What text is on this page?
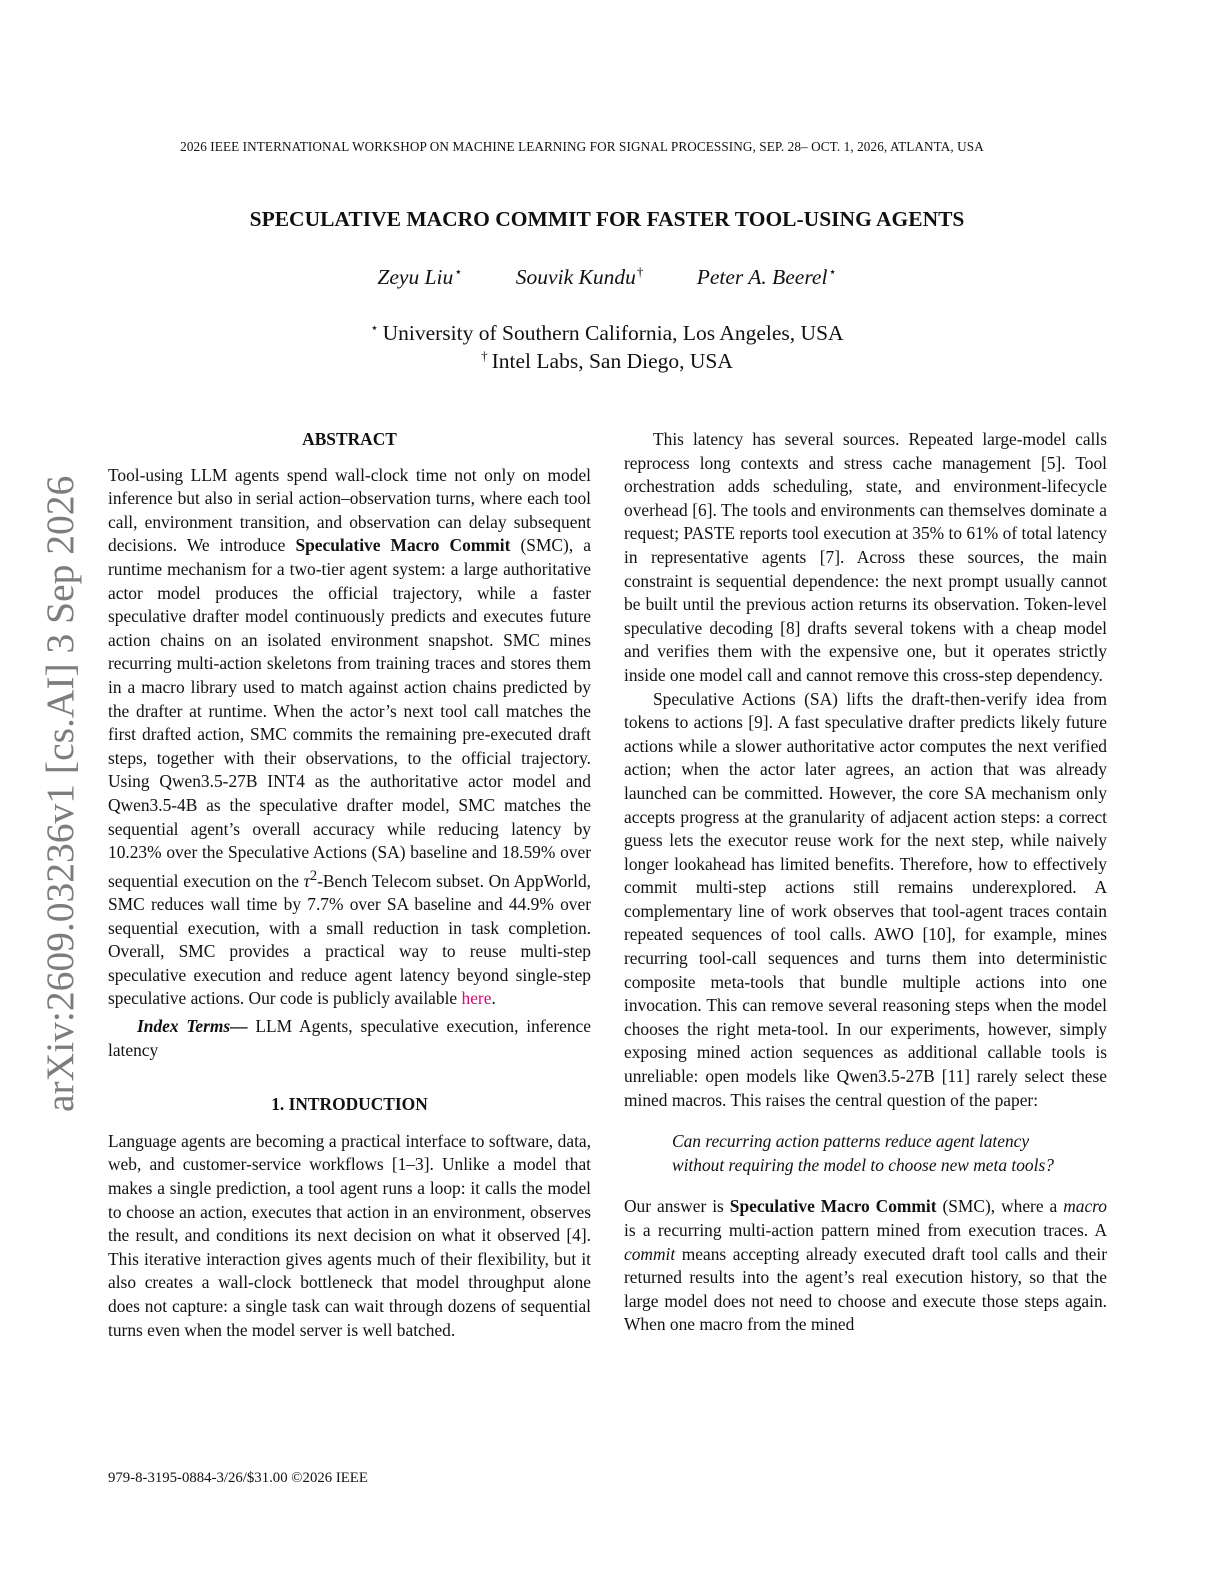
2026 IEEE INTERNATIONAL WORKSHOP ON MACHINE LEARNING FOR SIGNAL PROCESSING, SEP. 28– OCT. 1, 2026, ATLANTA, USA
SPECULATIVE MACRO COMMIT FOR FASTER TOOL-USING AGENTS
Zeyu Liu⋆ Souvik Kundu† Peter A. Beerel⋆
⋆ University of Southern California, Los Angeles, USA
† Intel Labs, San Diego, USA
arXiv:2609.03236v1 [cs.AI] 3 Sep 2026
ABSTRACT

Tool-using LLM agents spend wall-clock time not only on model inference but also in serial action–observation turns, where each tool call, environment transition, and observation can delay subsequent decisions. We introduce Speculative Macro Commit (SMC), a runtime mechanism for a two-tier agent system: a large authoritative actor model produces the official trajectory, while a faster speculative drafter model continuously predicts and executes future action chains on an isolated environment snapshot. SMC mines recurring multi-action skeletons from training traces and stores them in a macro library used to match against action chains predicted by the drafter at runtime. When the actor’s next tool call matches the first drafted action, SMC commits the remaining pre-executed draft steps, together with their observations, to the official trajectory. Using Qwen3.5-27B INT4 as the authoritative actor model and Qwen3.5-4B as the speculative drafter model, SMC matches the sequential agent’s overall accuracy while reducing latency by 10.23% over the Speculative Actions (SA) baseline and 18.59% over sequential execution on the $\tau^2$-Bench Telecom subset. On AppWorld, SMC reduces wall time by 7.7% over SA baseline and 44.9% over sequential execution, with a small reduction in task completion. Overall, SMC provides a practical way to reuse multi-step speculative execution and reduce agent latency beyond single-step speculative actions. Our code is publicly available here.

Index Terms— LLM Agents, speculative execution, inference latency

1. INTRODUCTION

Language agents are becoming a practical interface to software, data, web, and customer-service workflows [1–3]. Unlike a model that makes a single prediction, a tool agent runs a loop: it calls the model to choose an action, executes that action in an environment, observes the result, and conditions its next decision on what it observed [4]. This iterative interaction gives agents much of their flexibility, but it also creates a wall-clock bottleneck that model throughput alone does not capture: a single task can wait through dozens of sequential turns even when the model server is well batched.

This latency has several sources. Repeated large-model calls reprocess long contexts and stress cache management [5]. Tool orchestration adds scheduling, state, and environment-lifecycle overhead [6]. The tools and environments can themselves dominate a request; PASTE reports tool execution at 35% to 61% of total latency in representative agents [7]. Across these sources, the main constraint is sequential dependence: the next prompt usually cannot be built until the previous action returns its observation. Token-level speculative decoding [8] drafts several tokens with a cheap model and verifies them with the expensive one, but it operates strictly inside one model call and cannot remove this cross-step dependency.

Speculative Actions (SA) lifts the draft-then-verify idea from tokens to actions [9]. A fast speculative drafter predicts likely future actions while a slower authoritative actor computes the next verified action; when the actor later agrees, an action that was already launched can be committed. However, the core SA mechanism only accepts progress at the granularity of adjacent action steps: a correct guess lets the executor reuse work for the next step, while naively longer lookahead has limited benefits. Therefore, how to effectively commit multi-step actions still remains underexplored. A complementary line of work observes that tool-agent traces contain repeated sequences of tool calls. AWO [10], for example, mines recurring tool-call sequences and turns them into deterministic composite meta-tools that bundle multiple actions into one invocation. This can remove several reasoning steps when the model chooses the right meta-tool. In our experiments, however, simply exposing mined action sequences as additional callable tools is unreliable: open models like Qwen3.5-27B [11] rarely select these mined macros. This raises the central question of the paper:

Can recurring action patterns reduce agent latency without requiring the model to choose new meta tools?

Our answer is Speculative Macro Commit (SMC), where a macro is a recurring multi-action pattern mined from execution traces. A commit means accepting already executed draft tool calls and their returned results into the agent’s real execution history, so that the large model does not need to choose and execute those steps again. When one macro from the mined

979-8-3195-0884-3/26/$31.00 ©2026 IEEE
